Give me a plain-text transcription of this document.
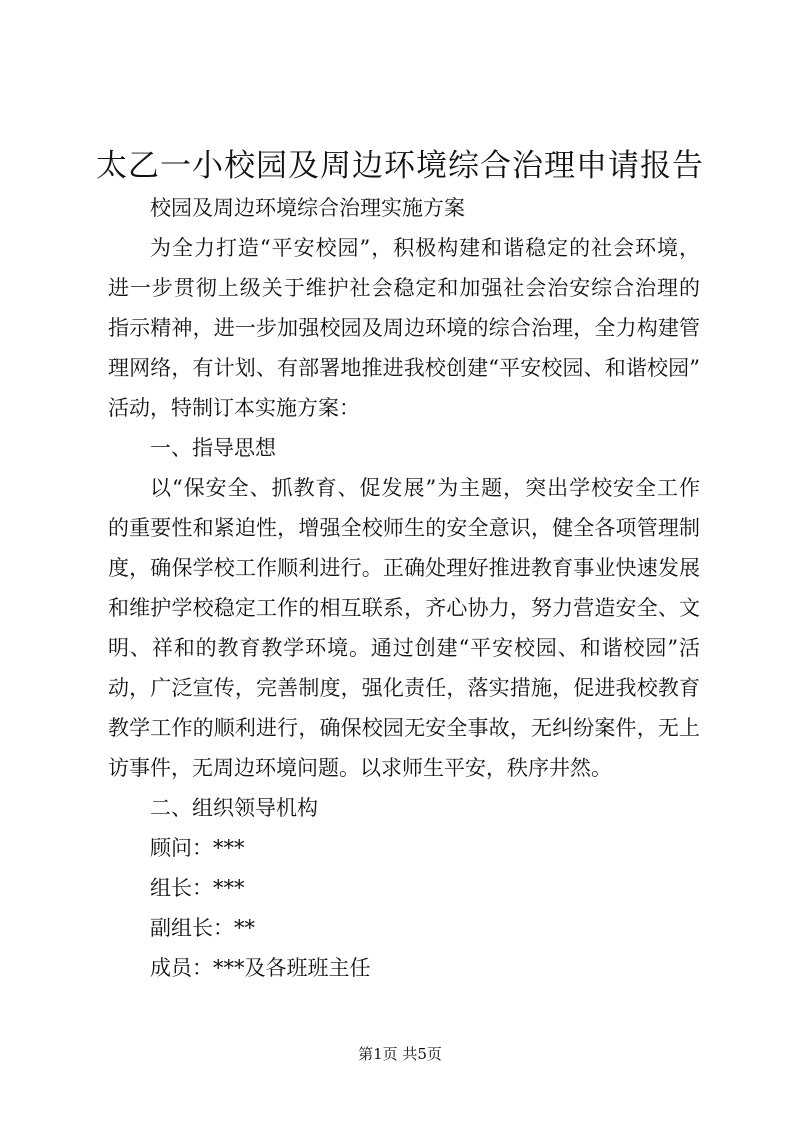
太乙一小校园及周边环境综合治理申请报告

校园及周边环境综合治理实施方案

为全力打造“平安校园”，积极构建和谐稳定的社会环境，
进一步贯彻上级关于维护社会稳定和加强社会治安综合治理的
指示精神，进一步加强校园及周边环境的综合治理，全力构建管
理网络，有计划、有部署地推进我校创建“平安校园、和谐校园”
活动，特制订本实施方案：

一、指导思想

以“保安全、抓教育、促发展”为主题，突出学校安全工作
的重要性和紧迫性，增强全校师生的安全意识，健全各项管理制
度，确保学校工作顺利进行。正确处理好推进教育事业快速发展
和维护学校稳定工作的相互联系，齐心协力，努力营造安全、文
明、祥和的教育教学环境。通过创建“平安校园、和谐校园”活
动，广泛宣传，完善制度，强化责任，落实措施，促进我校教育
教学工作的顺利进行，确保校园无安全事故，无纠纷案件，无上
访事件，无周边环境问题。以求师生平安，秩序井然。

二、组织领导机构

顾问：***

组长：***

副组长：**

成员：***及各班班主任

第1页 共5页
